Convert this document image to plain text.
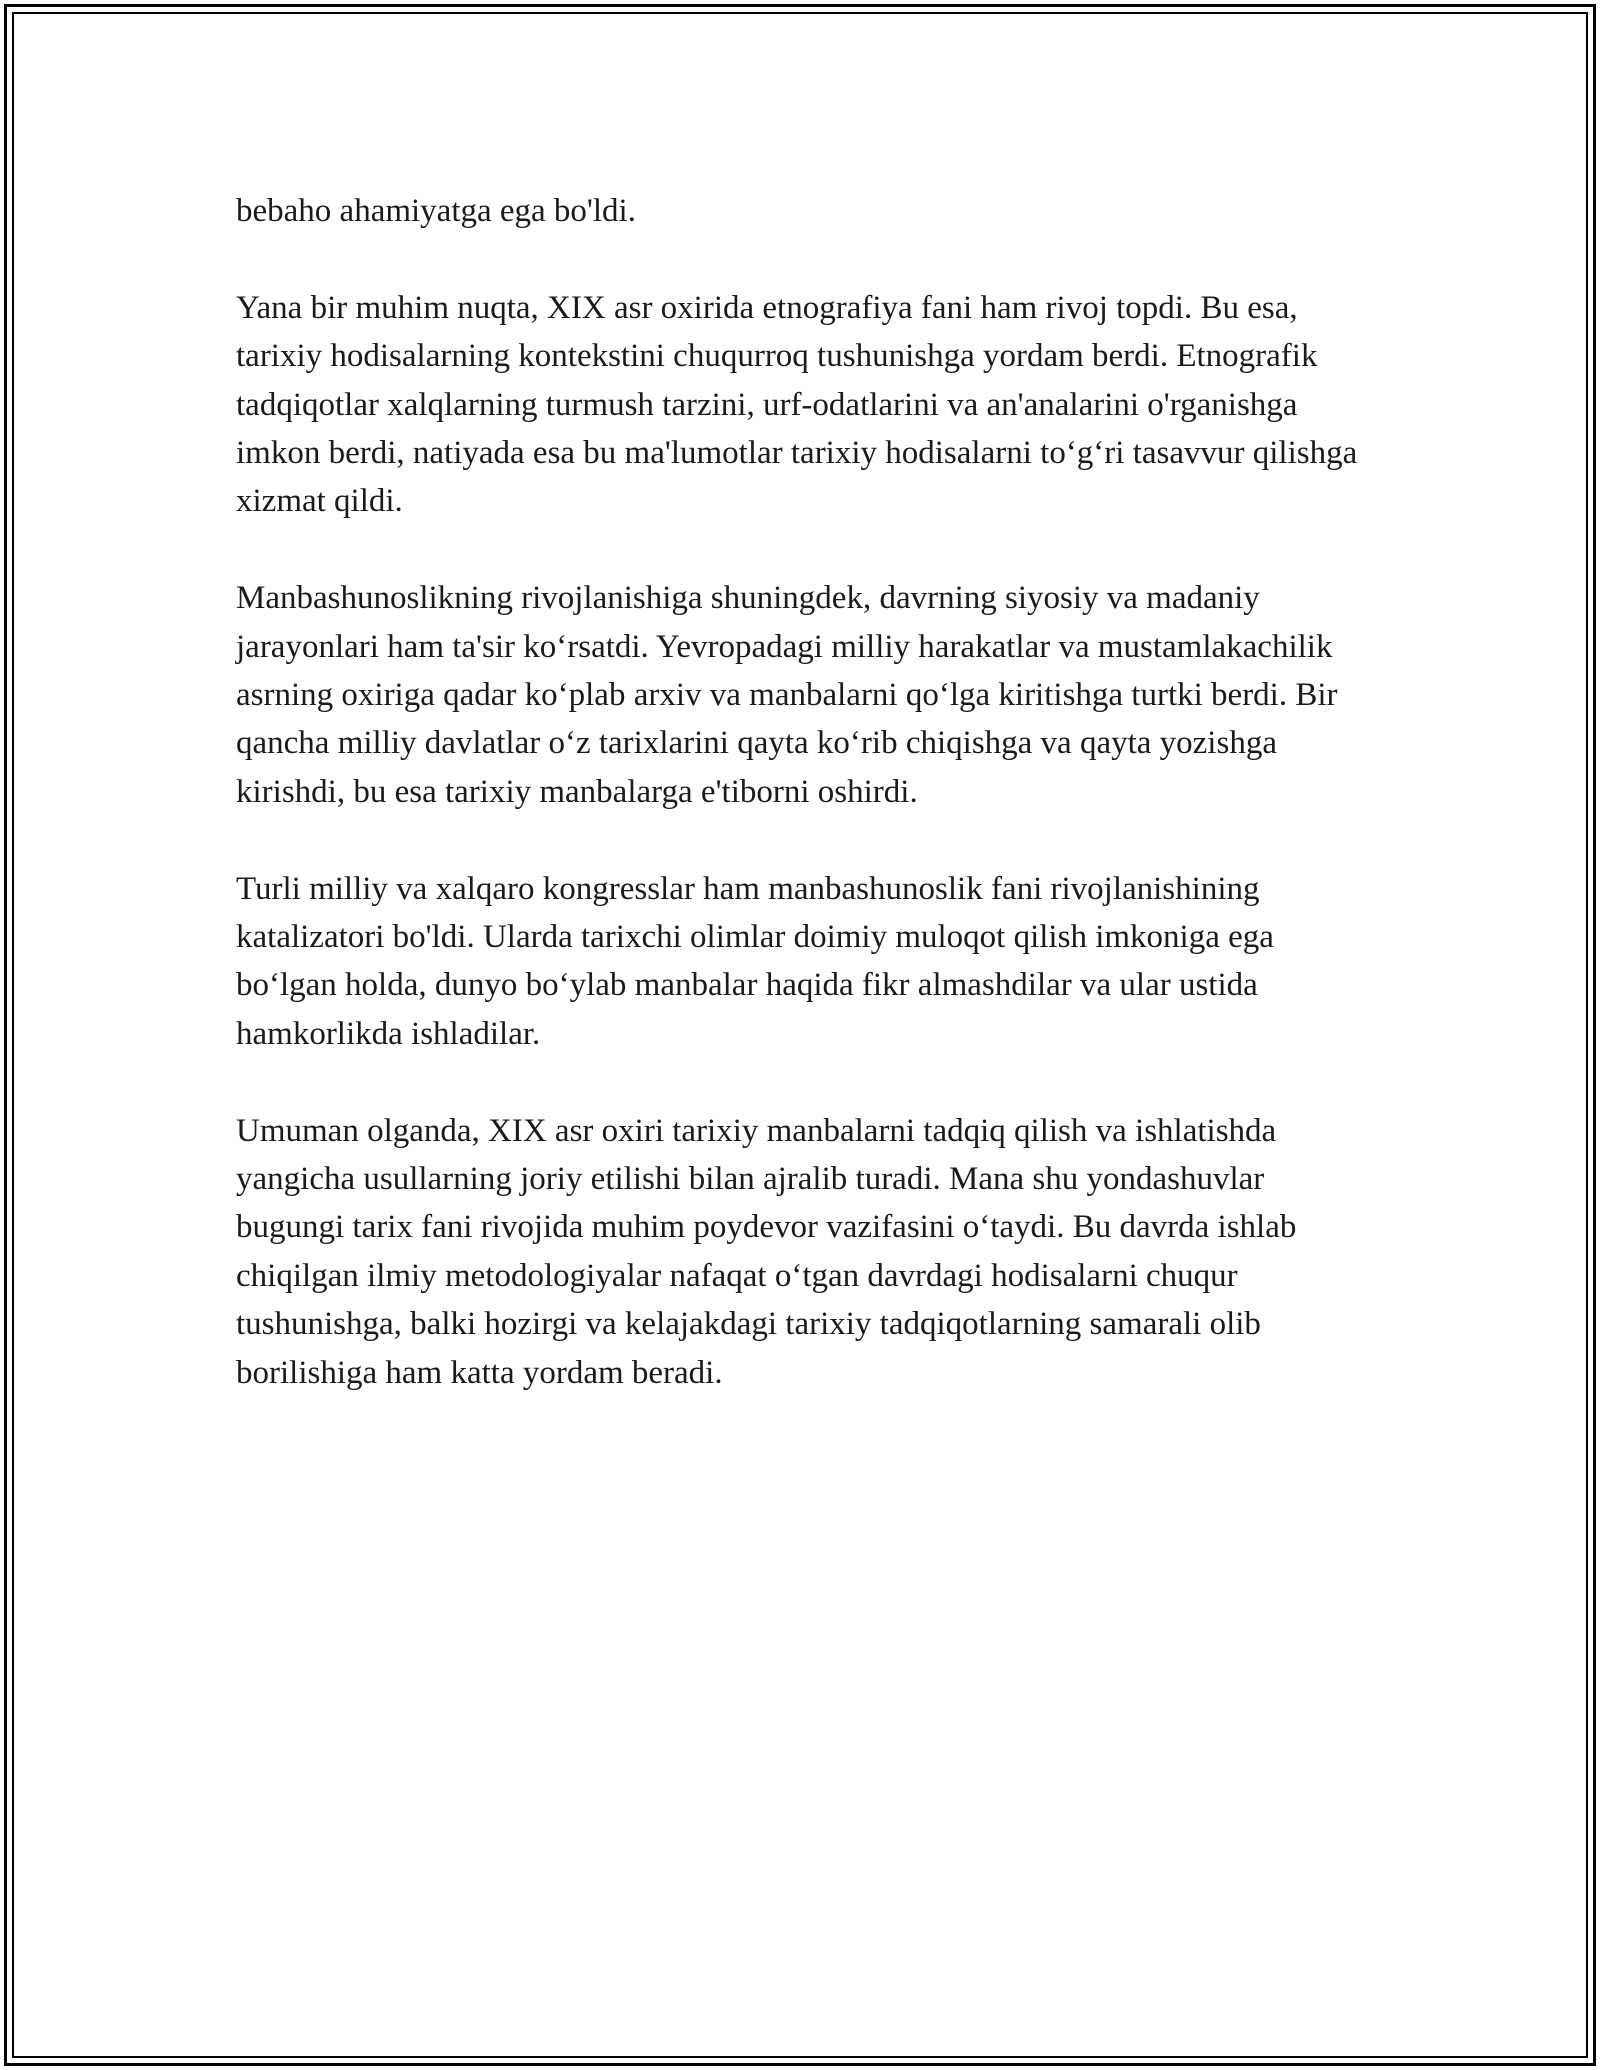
bebaho ahamiyatga ega bo'ldi.

Yana bir muhim nuqta, XIX asr oxirida etnografiya fani ham rivoj topdi. Bu esa, tarixiy hodisalarning kontekstini chuqurroq tushunishga yordam berdi. Etnografik tadqiqotlar xalqlarning turmush tarzini, urf-odatlarini va an'analarini o'rganishga imkon berdi, natiyada esa bu ma'lumotlar tarixiy hodisalarni to‘g‘ri tasavvur qilishga xizmat qildi.

Manbashunoslikning rivojlanishiga shuningdek, davrning siyosiy va madaniy jarayonlari ham ta'sir ko‘rsatdi. Yevropadagi milliy harakatlar va mustamlakachilik asrning oxiriga qadar ko‘plab arxiv va manbalarni qo‘lga kiritishga turtki berdi. Bir qancha milliy davlatlar o‘z tarixlarini qayta ko‘rib chiqishga va qayta yozishga kirishdi, bu esa tarixiy manbalarga e'tiborni oshirdi.

Turli milliy va xalqaro kongresslar ham manbashunoslik fani rivojlanishining katalizatori bo'ldi. Ularda tarixchi olimlar doimiy muloqot qilish imkoniga ega bo‘lgan holda, dunyo bo‘ylab manbalar haqida fikr almashdilar va ular ustida hamkorlikda ishladilar.

Umuman olganda, XIX asr oxiri tarixiy manbalarni tadqiq qilish va ishlatishda yangicha usullarning joriy etilishi bilan ajralib turadi. Mana shu yondashuvlar bugungi tarix fani rivojida muhim poydevor vazifasini o‘taydi. Bu davrda ishlab chiqilgan ilmiy metodologiyalar nafaqat o‘tgan davrdagi hodisalarni chuqur tushunishga, balki hozirgi va kelajakdagi tarixiy tadqiqotlarning samarali olib borilishiga ham katta yordam beradi.
